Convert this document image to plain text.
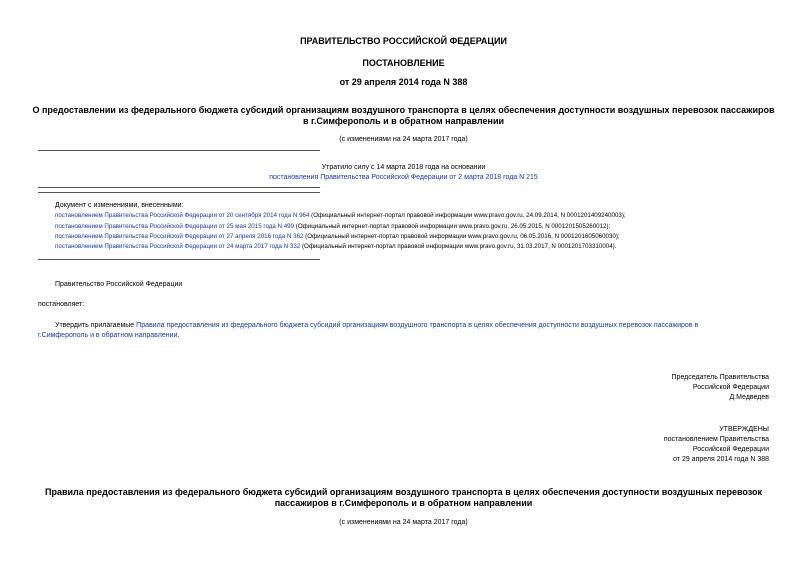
ПРАВИТЕЛЬСТВО РОССИЙСКОЙ ФЕДЕРАЦИИ
ПОСТАНОВЛЕНИЕ
от 29 апреля 2014 года N 388
О предоставлении из федерального бюджета субсидий организациям воздушного транспорта в целях обеспечения доступности воздушных перевозок пассажиров
в г.Симферополь и в обратном направлении
(с изменениями на 24 марта 2017 года)
Утратило силу с 14 марта 2018 года на основании
постановления Правительства Российской Федерации от 2 марта 2018 года N 215
Документ с изменениями, внесенными:
постановлением Правительства Российской Федерации от 20 сентября 2014 года N 964 (Официальный интернет-портал правовой информации www.pravo.gov.ru, 24.09.2014, N 0001201409240003);
постановлением Правительства Российской Федерации от 25 мая 2015 года N 499 (Официальный интернет-портал правовой информации www.pravo.gov.ru, 26.05.2015, N 0001201505260012);
постановлением Правительства Российской Федерации от 27 апреля 2016 года N 362 (Официальный интернет-портал правовой информации www.pravo.gov.ru, 06.05.2016, N 0001201605060030);
постановлением Правительства Российской Федерации от 24 марта 2017 года N 332 (Официальный интернет-портал правовой информации www.pravo.gov.ru, 31.03.2017, N 0001201703310004).
Правительство Российской Федерации
постановляет:
Утвердить прилагаемые Правила предоставления из федерального бюджета субсидий организациям воздушного транспорта в целях обеспечения доступности воздушных перевозок пассажиров в
г.Симферополь и в обратном направлении.
Председатель Правительства
Российской Федерации
Д.Медведев
УТВЕРЖДЕНЫ
постановлением Правительства
Российской Федерации
от 29 апреля 2014 года N 388
Правила предоставления из федерального бюджета субсидий организациям воздушного транспорта в целях обеспечения доступности воздушных перевозок
пассажиров в г.Симферополь и в обратном направлении
(с изменениями на 24 марта 2017 года)
